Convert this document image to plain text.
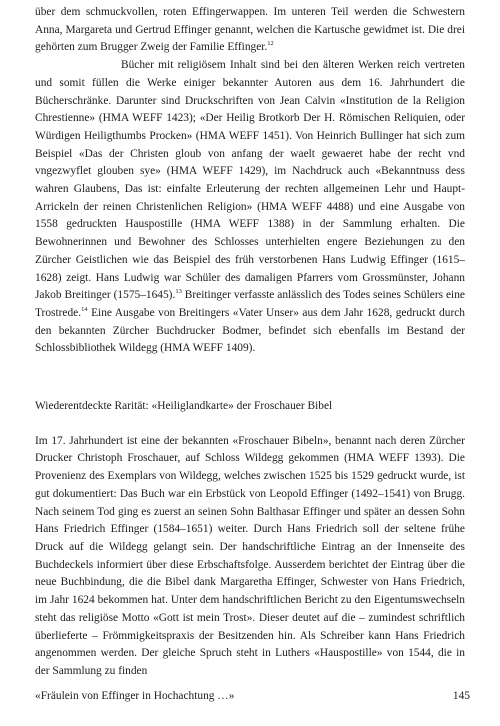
über dem schmuckvollen, roten Effingerwappen. Im unteren Teil werden die Schwestern Anna, Margareta und Gertrud Effinger genannt, welchen die Kartusche gewidmet ist. Die drei gehörten zum Brugger Zweig der Familie Effinger.$^{12}$

Bücher mit religiösem Inhalt sind bei den älteren Werken reich vertreten und somit füllen die Werke einiger bekannter Autoren aus dem 16. Jahrhundert die Bücherschränke. Darunter sind Druckschriften von Jean Calvin «Institution de la Religion Chrestienne» (HMA WEFF 1423); «Der Heilig Brotkorb Der H. Römischen Reliquien, oder Würdigen Heiligthumbs Procken» (HMA WEFF 1451). Von Heinrich Bullinger hat sich zum Beispiel «Das der Christen gloub von anfang der waelt gewaeret habe der recht vnd vngezwyflet glouben sye» (HMA WEFF 1429), im Nachdruck auch «Bekanntnuss dess wahren Glaubens, Das ist: einfalte Erleuterung der rechten allgemeinen Lehr und Haupt-Arrickeln der reinen Christenlichen Religion» (HMA WEFF 4488) und eine Ausgabe von 1558 gedruckten Hauspostille (HMA WEFF 1388) in der Sammlung erhalten. Die Bewohnerinnen und Bewohner des Schlosses unterhielten engere Beziehungen zu den Zürcher Geistlichen wie das Beispiel des früh verstorbenen Hans Ludwig Effinger (1615–1628) zeigt. Hans Ludwig war Schüler des damaligen Pfarrers vom Grossmünster, Johann Jakob Breitinger (1575–1645).$^{13}$ Breitinger verfasste anlässlich des Todes seines Schülers eine Trostrede.$^{14}$ Eine Ausgabe von Breitingers «Vater Unser» aus dem Jahr 1628, gedruckt durch den bekannten Zürcher Buchdrucker Bodmer, befindet sich ebenfalls im Bestand der Schlossbibliothek Wildegg (HMA WEFF 1409).

Wiederentdeckte Rarität: «Heiliglandkarte» der Froschauer Bibel

Im 17. Jahrhundert ist eine der bekannten «Froschauer Bibeln», benannt nach deren Zürcher Drucker Christoph Froschauer, auf Schloss Wildegg gekommen (HMA WEFF 1393). Die Provenienz des Exemplars von Wildegg, welches zwischen 1525 bis 1529 gedruckt wurde, ist gut dokumentiert: Das Buch war ein Erbstück von Leopold Effinger (1492–1541) von Brugg. Nach seinem Tod ging es zuerst an seinen Sohn Balthasar Effinger und später an dessen Sohn Hans Friedrich Effinger (1584–1651) weiter. Durch Hans Friedrich soll der seltene frühe Druck auf die Wildegg gelangt sein. Der handschriftliche Eintrag an der Innenseite des Buchdeckels informiert über diese Erbschaftsfolge. Ausserdem berichtet der Eintrag über die neue Buchbindung, die die Bibel dank Margaretha Effinger, Schwester von Hans Friedrich, im Jahr 1624 bekommen hat. Unter dem handschriftlichen Bericht zu den Eigentumswechseln steht das religiöse Motto «Gott ist mein Trost». Dieser deutet auf die – zumindest schriftlich überlieferte – Frömmigkeitspraxis der Besitzenden hin. Als Schreiber kann Hans Friedrich angenommen werden. Der gleiche Spruch steht in Luthers «Hauspostille» von 1544, die in der Sammlung zu finden

«Fräulein von Effinger in Hochachtung …»	145
